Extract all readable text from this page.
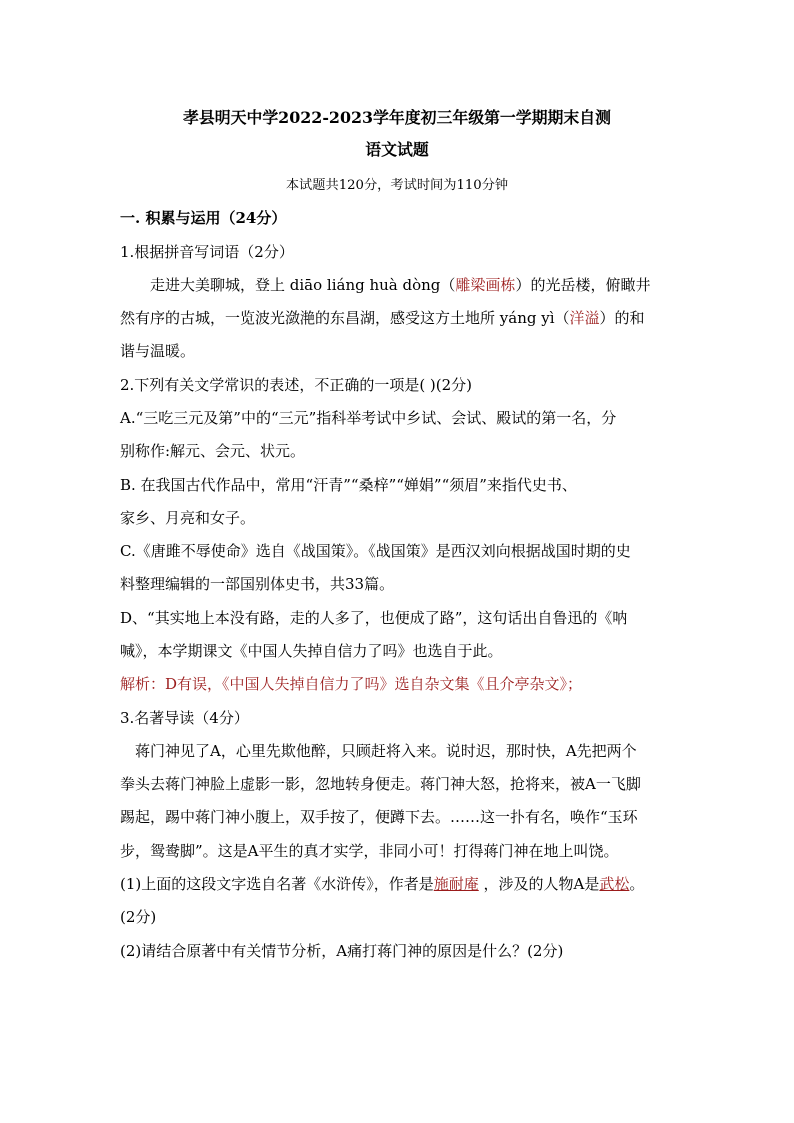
孝县明天中学2022-2023学年度初三年级第一学期期末自测
语文试题
本试题共120分，考试时间为110分钟
一. 积累与运用（24分）
1.根据拼音写词语（2分）
走进大美聊城，登上 diāo liáng huà dòng（雕梁画栋）的光岳楼，俯瞰井
然有序的古城，一览波光潋滟的东昌湖，感受这方土地所 yáng yì（洋溢）的和
谐与温暖。
2.下列有关文学常识的表述，不正确的一项是( )(2分)
A.“三吃三元及第”中的“三元”指科举考试中乡试、会试、殿试的第一名，分
别称作:解元、会元、状元。
B. 在我国古代作品中，常用“汗青”“桑梓”“婵娟”“须眉”来指代史书、
家乡、月亮和女子。
C.《唐雎不辱使命》选自《战国策》。《战国策》是西汉刘向根据战国时期的史
料整理编辑的一部国别体史书，共33篇。
D、“其实地上本没有路，走的人多了，也便成了路”，这句话出自鲁迅的《呐
喊》，本学期课文《中国人失掉自信力了吗》也选自于此。
解析：D有误，《中国人失掉自信力了吗》选自杂文集《且介亭杂文》；
3.名著导读（4分）
蒋门神见了A，心里先欺他醉，只顾赶将入来。说时迟，那时快，A先把两个
拳头去蒋门神脸上虚影一影，忽地转身便走。蒋门神大怒，抢将来，被A一飞脚
踢起，踢中蒋门神小腹上，双手按了，便蹲下去。……这一扑有名，唤作“玉环
步，鸳鸯脚”。这是A平生的真才实学，非同小可！打得蒋门神在地上叫饶。
(1)上面的这段文字选自名著《水浒传》，作者是施耐庵 ，涉及的人物A是武松。
(2分)
(2)请结合原著中有关情节分析，A痛打蒋门神的原因是什么？(2分)
